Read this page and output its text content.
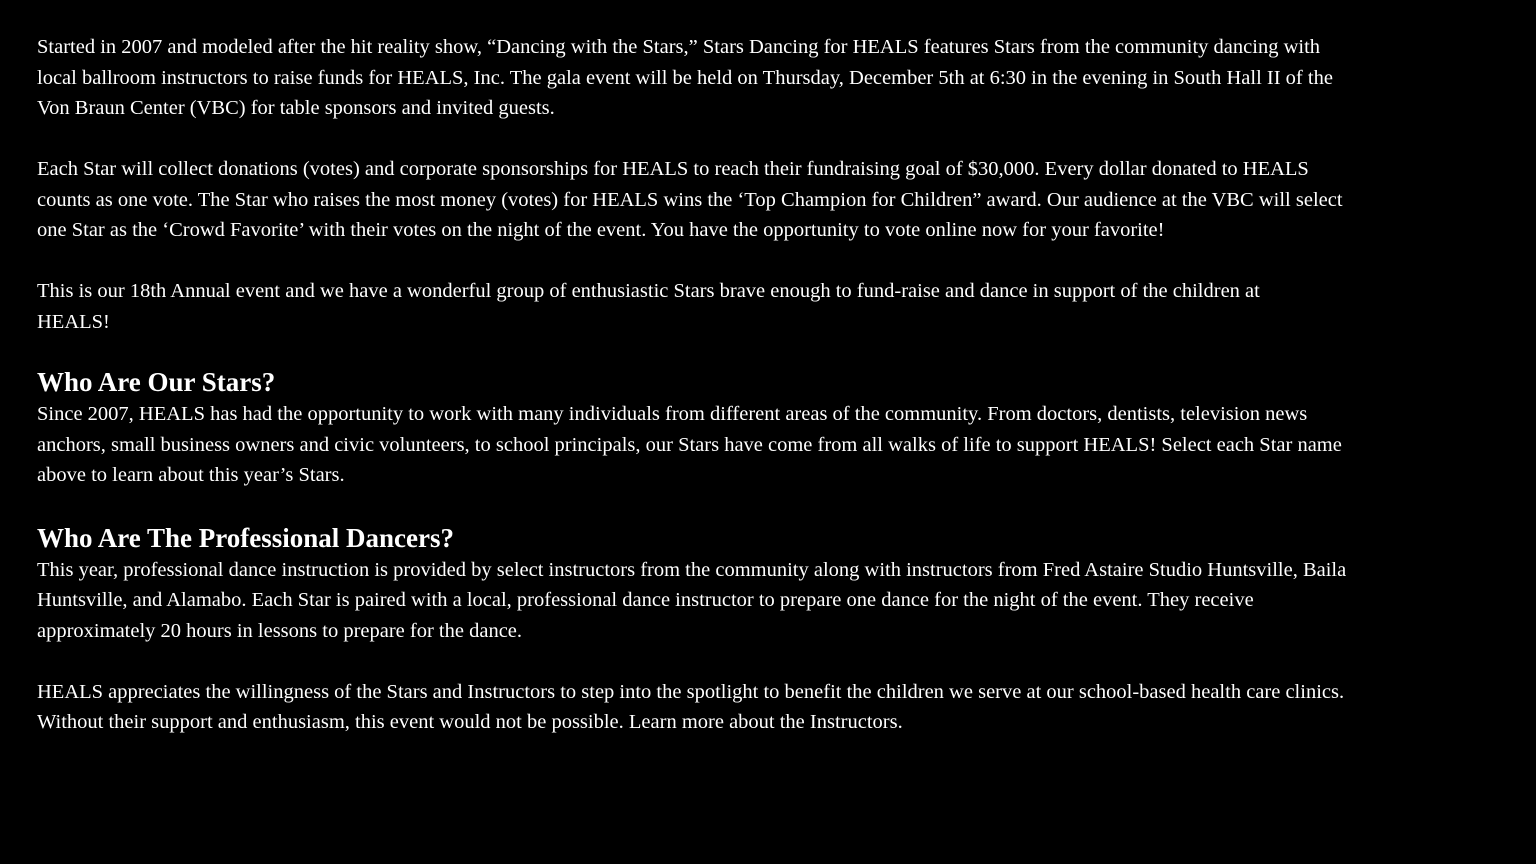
Started in 2007 and modeled after the hit reality show, “Dancing with the Stars,” Stars Dancing for HEALS features Stars from the community dancing with
local ballroom instructors to raise funds for HEALS, Inc. The gala event will be held on Thursday, December 5th at 6:30 in the evening in South Hall II of the
Von Braun Center (VBC) for table sponsors and invited guests.

Each Star will collect donations (votes) and corporate sponsorships for HEALS to reach their fundraising goal of $30,000. Every dollar donated to HEALS
counts as one vote. The Star who raises the most money (votes) for HEALS wins the ‘Top Champion for Children” award. Our audience at the VBC will select
one Star as the ‘Crowd Favorite’ with their votes on the night of the event. You have the opportunity to vote online now for your favorite!

This is our 18th Annual event and we have a wonderful group of enthusiastic Stars brave enough to fund-raise and dance in support of the children at
HEALS!

Who Are Our Stars?

Since 2007, HEALS has had the opportunity to work with many individuals from different areas of the community. From doctors, dentists, television news
anchors, small business owners and civic volunteers, to school principals, our Stars have come from all walks of life to support HEALS! Select each Star name
above to learn about this year’s Stars.

Who Are The Professional Dancers?

This year, professional dance instruction is provided by select instructors from the community along with instructors from Fred Astaire Studio Huntsville, Baila
Huntsville, and Alamabo. Each Star is paired with a local, professional dance instructor to prepare one dance for the night of the event. They receive
approximately 20 hours in lessons to prepare for the dance.

HEALS appreciates the willingness of the Stars and Instructors to step into the spotlight to benefit the children we serve at our school-based health care clinics.
Without their support and enthusiasm, this event would not be possible. Learn more about the Instructors.
